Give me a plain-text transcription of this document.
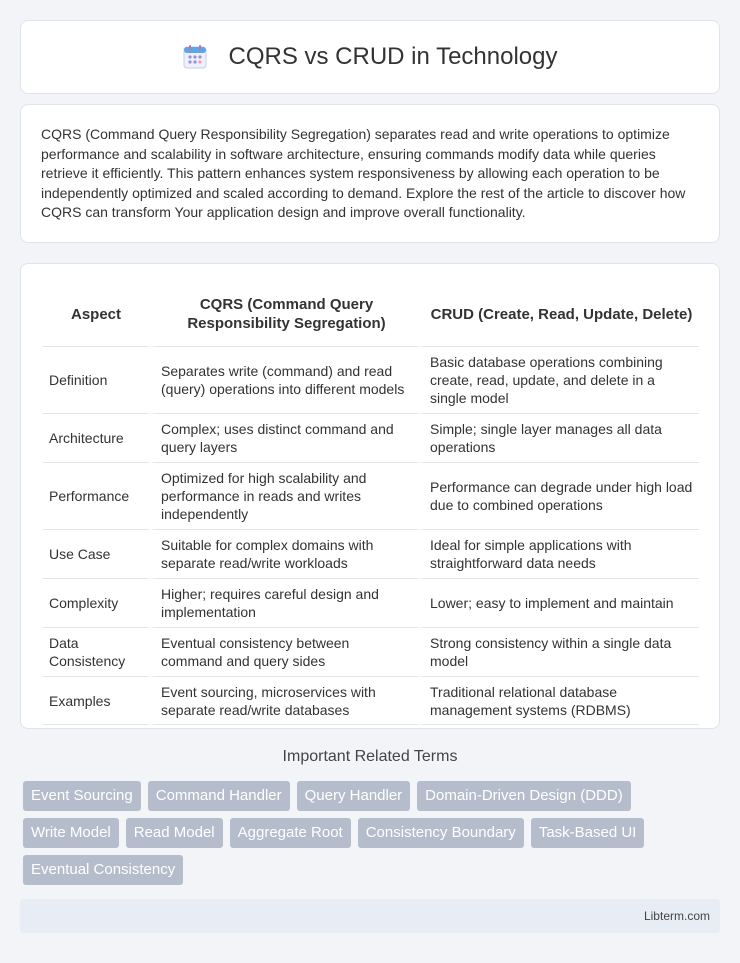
CQRS vs CRUD in Technology

CQRS (Command Query Responsibility Segregation) separates read and write operations to optimize performance and scalability in software architecture, ensuring commands modify data while queries retrieve it efficiently. This pattern enhances system responsiveness by allowing each operation to be independently optimized and scaled according to demand. Explore the rest of the article to discover how CQRS can transform Your application design and improve overall functionality.

Aspect	CQRS (Command Query Responsibility Segregation)	CRUD (Create, Read, Update, Delete)
Definition	Separates write (command) and read (query) operations into different models	Basic database operations combining create, read, update, and delete in a single model
Architecture	Complex; uses distinct command and query layers	Simple; single layer manages all data operations
Performance	Optimized for high scalability and performance in reads and writes independently	Performance can degrade under high load due to combined operations
Use Case	Suitable for complex domains with separate read/write workloads	Ideal for simple applications with straightforward data needs
Complexity	Higher; requires careful design and implementation	Lower; easy to implement and maintain
Data Consistency	Eventual consistency between command and query sides	Strong consistency within a single data model
Examples	Event sourcing, microservices with separate read/write databases	Traditional relational database management systems (RDBMS)
Important Related Terms
Event Sourcing	Command Handler	Query Handler	Domain-Driven Design (DDD)
Write Model	Read Model	Aggregate Root	Consistency Boundary	Task-Based UI
Eventual Consistency
Libterm.com
